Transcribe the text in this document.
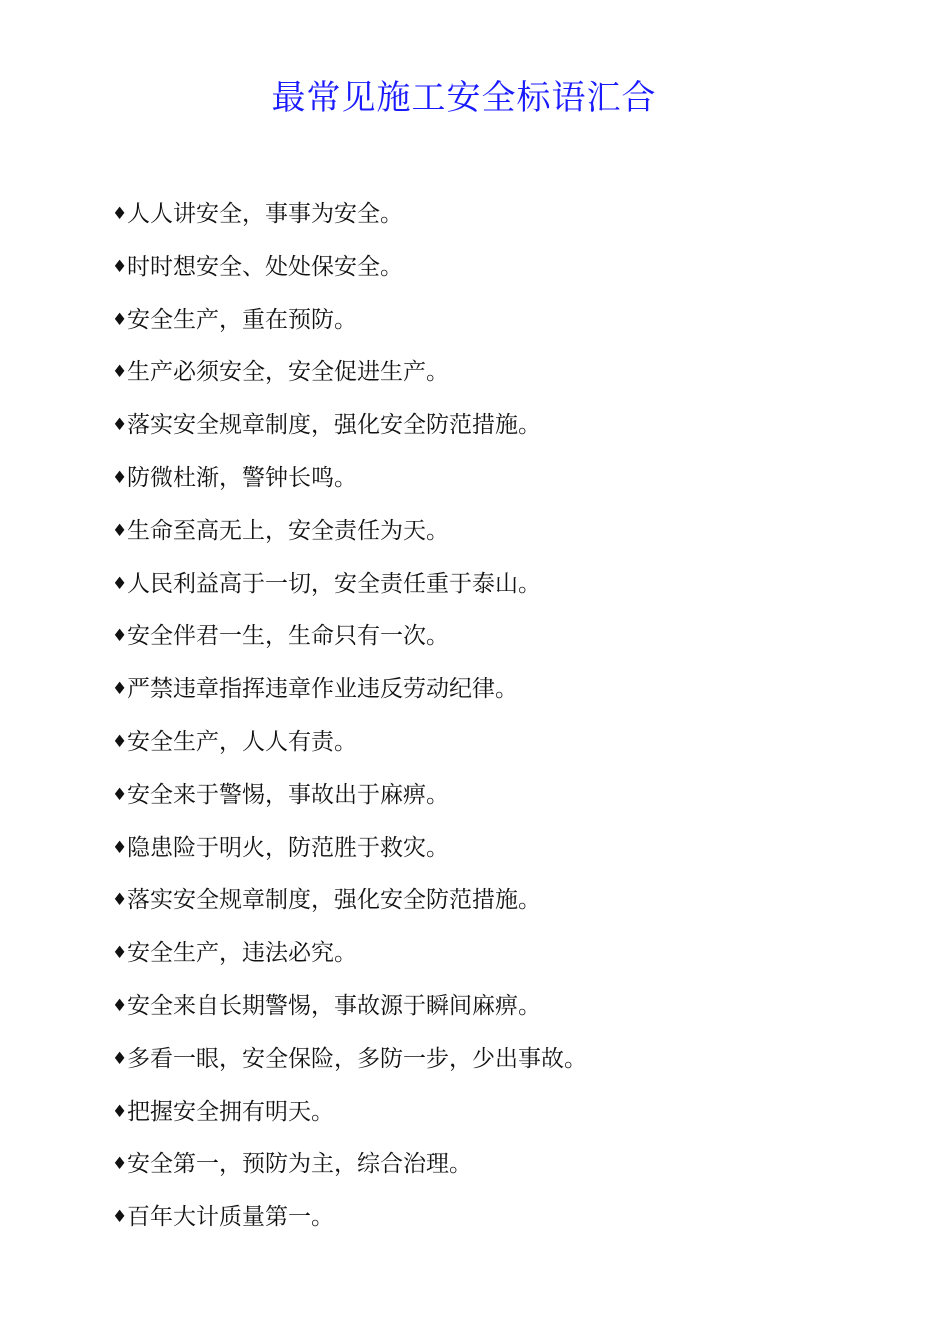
最常见施工安全标语汇合
♦ 人人讲安全，事事为安全。
♦ 时时想安全、处处保安全。
♦ 安全生产，重在预防。
♦ 生产必须安全，安全促进生产。
♦ 落实安全规章制度，强化安全防范措施。
♦ 防微杜渐，警钟长鸣。
♦ 生命至高无上，安全责任为天。
♦ 人民利益高于一切，安全责任重于泰山。
♦ 安全伴君一生，生命只有一次。
♦ 严禁违章指挥违章作业违反劳动纪律。
♦ 安全生产，人人有责。
♦ 安全来于警惕，事故出于麻痹。
♦ 隐患险于明火，防范胜于救灾。
♦ 落实安全规章制度，强化安全防范措施。
♦ 安全生产，违法必究。
♦ 安全来自长期警惕，事故源于瞬间麻痹。
♦ 多看一眼，安全保险，多防一步，少出事故。
♦ 把握安全拥有明天。
♦ 安全第一，预防为主，综合治理。
♦ 百年大计质量第一。
